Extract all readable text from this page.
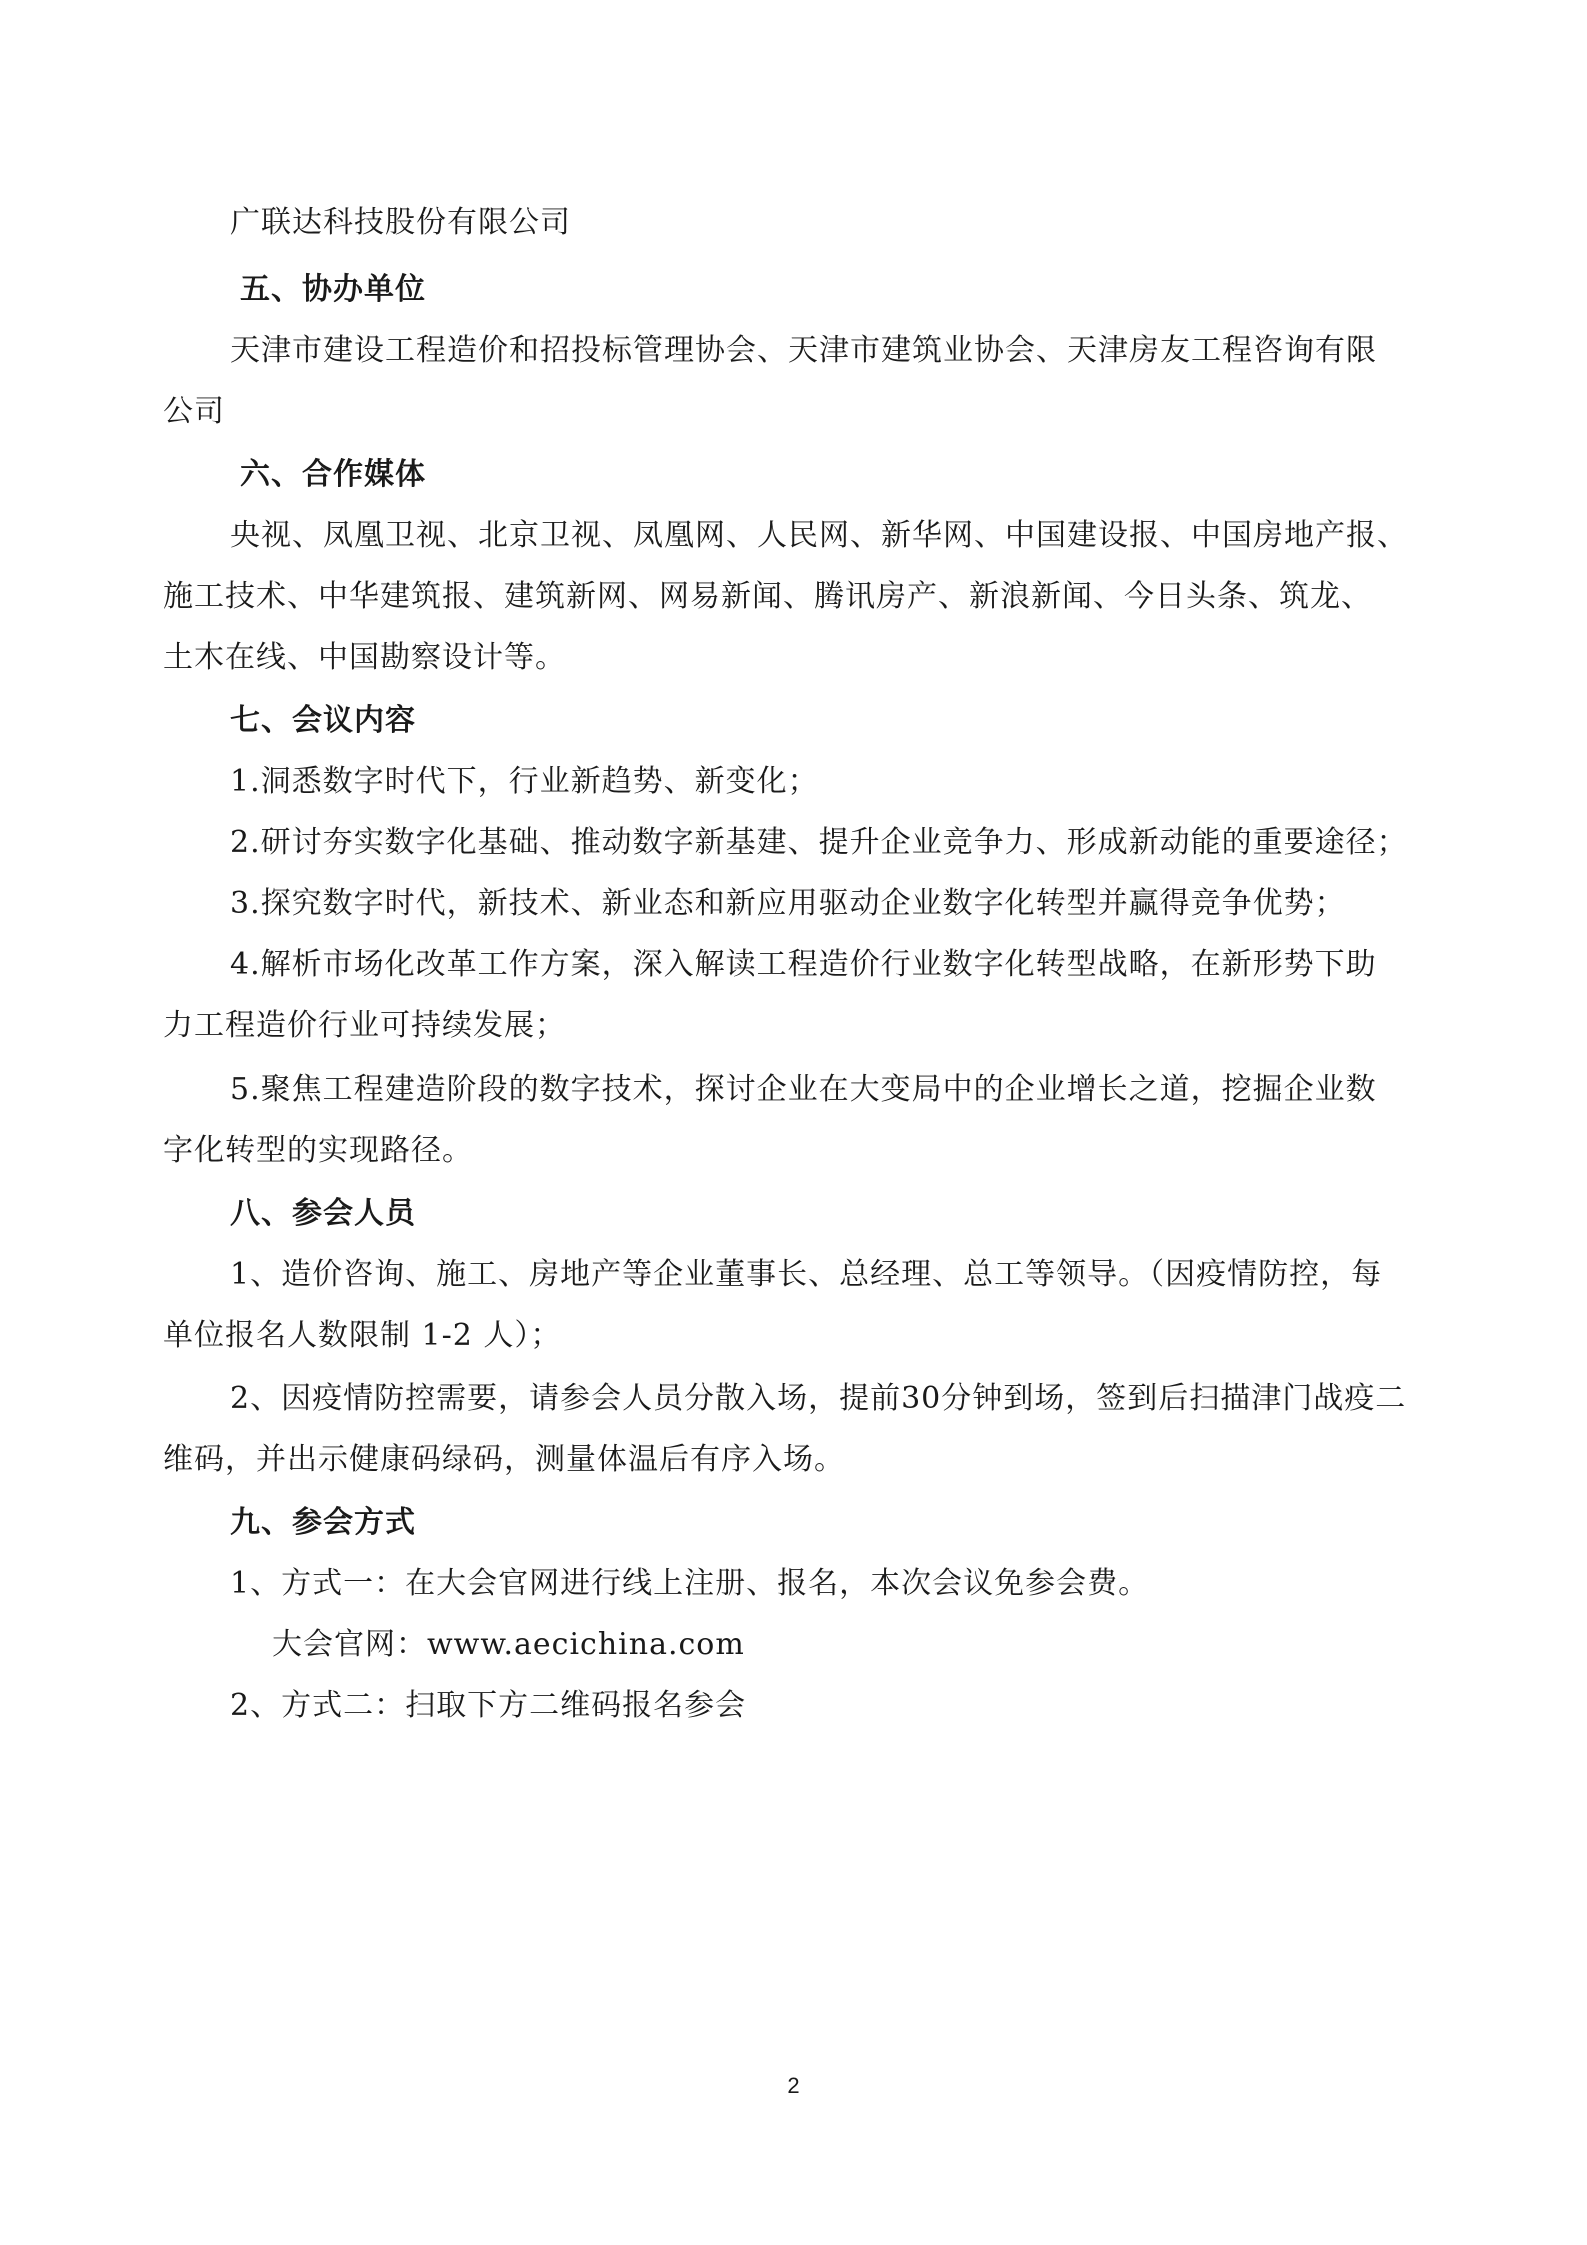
广联达科技股份有限公司
五、协办单位
天津市建设工程造价和招投标管理协会、天津市建筑业协会、天津房友工程咨询有限
公司
六、合作媒体
央视、凤凰卫视、北京卫视、凤凰网、人民网、新华网、中国建设报、中国房地产报、
施工技术、中华建筑报、建筑新网、网易新闻、腾讯房产、新浪新闻、今日头条、筑龙、
土木在线、中国勘察设计等。
七、会议内容
1.洞悉数字时代下，行业新趋势、新变化；
2.研讨夯实数字化基础、推动数字新基建、提升企业竞争力、形成新动能的重要途径；
3.探究数字时代，新技术、新业态和新应用驱动企业数字化转型并赢得竞争优势；
4.解析市场化改革工作方案，深入解读工程造价行业数字化转型战略，在新形势下助
力工程造价行业可持续发展；
5.聚焦工程建造阶段的数字技术，探讨企业在大变局中的企业增长之道，挖掘企业数
字化转型的实现路径。
八、参会人员
1、造价咨询、施工、房地产等企业董事长、总经理、总工等领导。（因疫情防控，每
单位报名人数限制 1-2 人）；
2、因疫情防控需要，请参会人员分散入场，提前30分钟到场，签到后扫描津门战疫二
维码，并出示健康码绿码，测量体温后有序入场。
九、参会方式
1、方式一：在大会官网进行线上注册、报名，本次会议免参会费。
大会官网：www.aecichina.com
2、方式二：扫取下方二维码报名参会
2
